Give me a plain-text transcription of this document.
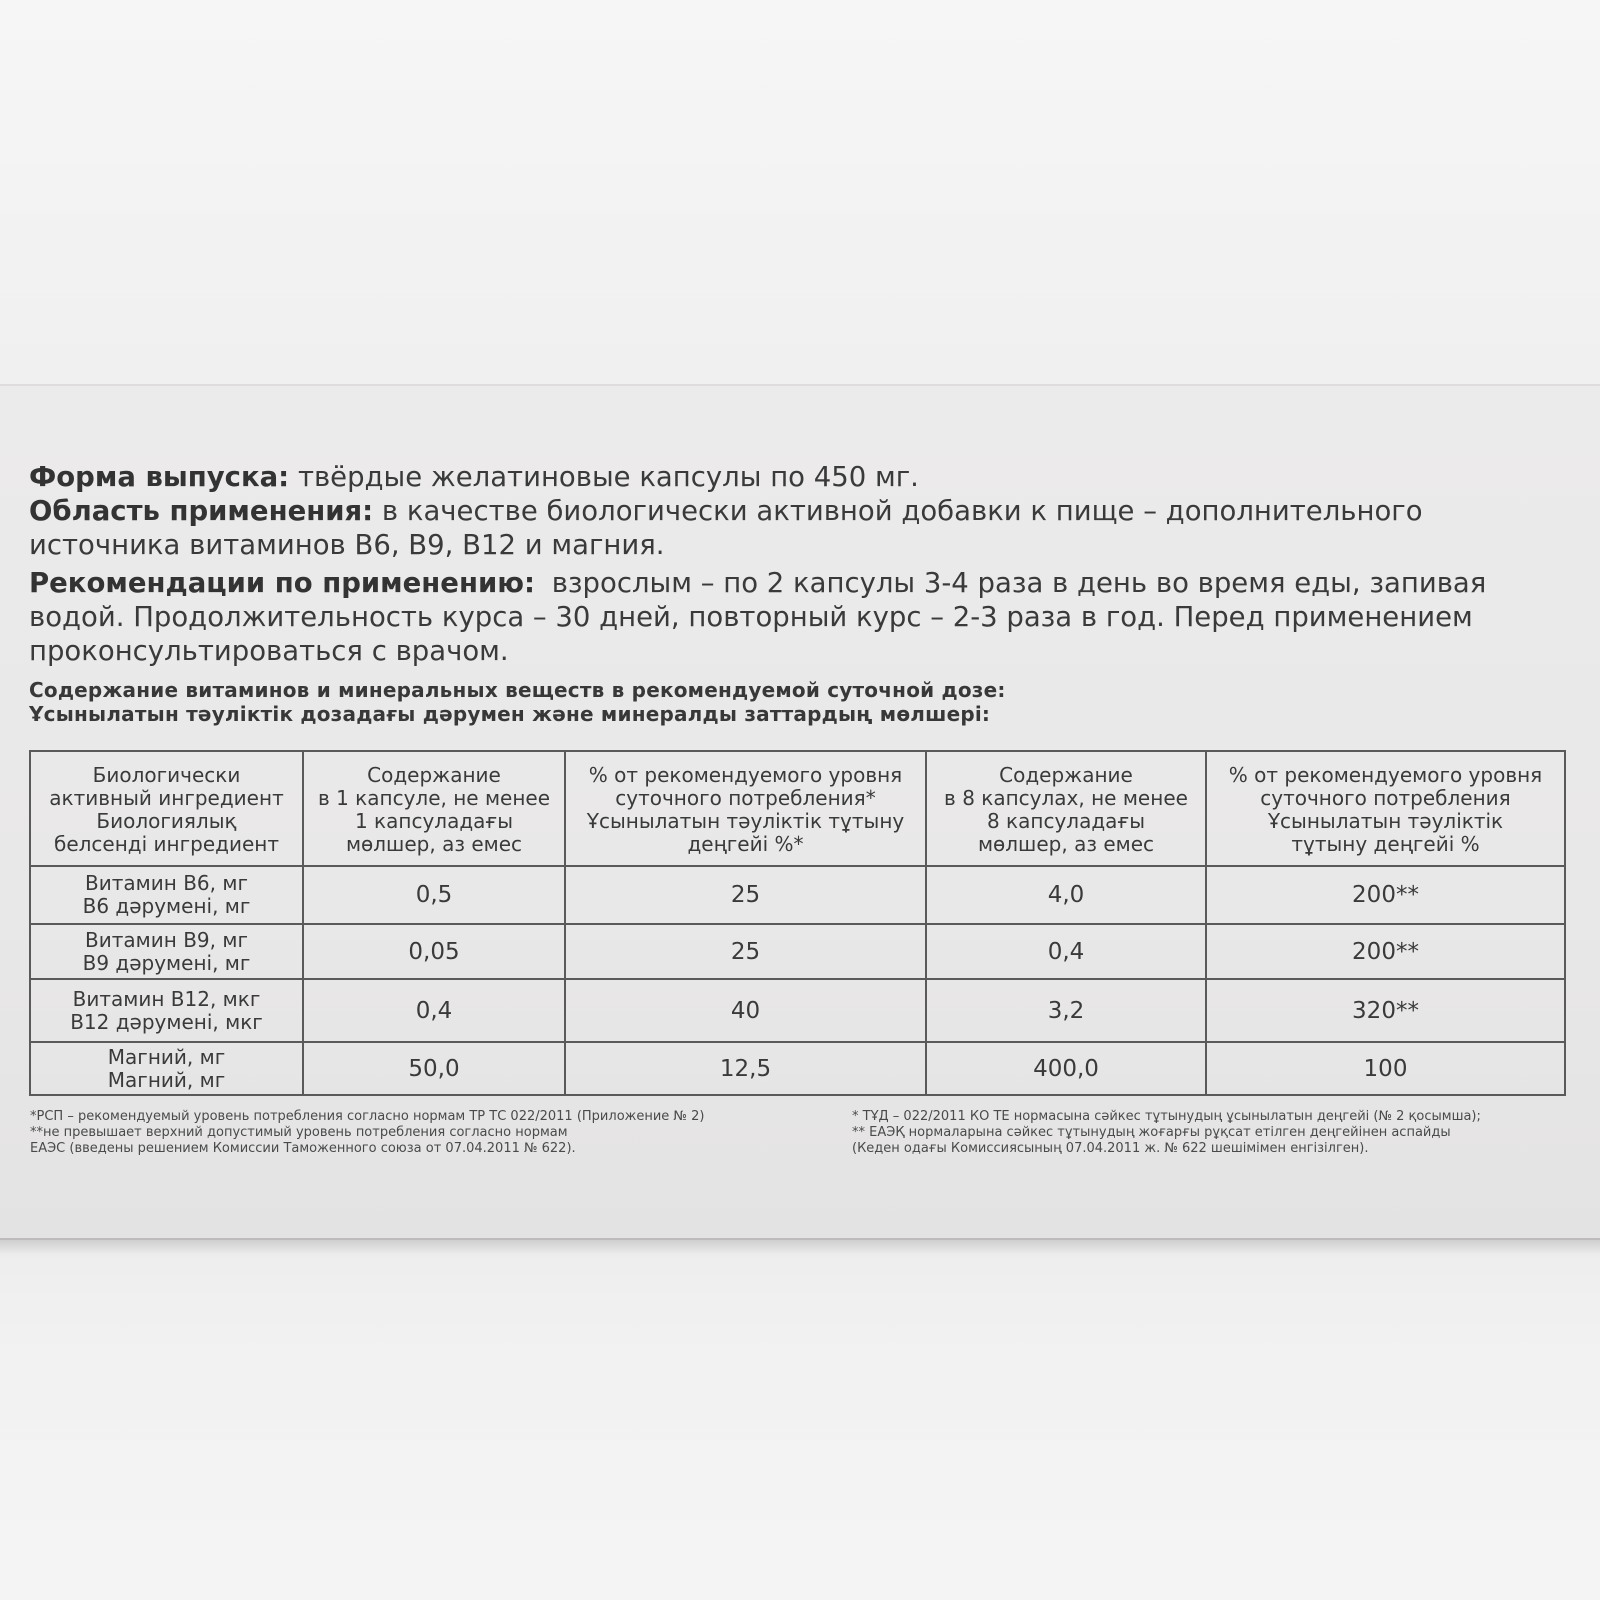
Форма выпуска: твёрдые желатиновые капсулы по 450 мг.

Область применения: в качестве биологически активной добавки к пище – дополнительного
источника витаминов В6, В9, В12 и магния.

Рекомендации по применению: взрослым – по 2 капсулы 3-4 раза в день во время еды, запивая
водой. Продолжительность курса – 30 дней, повторный курс – 2-3 раза в год. Перед применением
проконсультироваться с врачом.

Содержание витаминов и минеральных веществ в рекомендуемой суточной дозе:

Ұсынылатын тәуліктік дозадағы дәрумен және минералды заттардың мөлшері:

Биологически
активный ингредиент
Биологиялық
белсенді ингредиент	Содержание
в 1 капсуле, не менее
1 капсуладағы
мөлшер, аз емес	% от рекомендуемого уровня
суточного потребления*
Ұсынылатын тәуліктік тұтыну
деңгейі %*	Содержание
в 8 капсулах, не менее
8 капсуладағы
мөлшер, аз емес	% от рекомендуемого уровня
суточного потребления
Ұсынылатын тәуліктік
тұтыну деңгейі %

Витамин В6, мг
В6 дәрумені, мг	0,5	25	4,0	200**

Витамин В9, мг
В9 дәрумені, мг	0,05	25	0,4	200**

Витамин В12, мкг
В12 дәрумені, мкг	0,4	40	3,2	320**

Магний, мг
Магний, мг	50,0	12,5	400,0	100

*РСП – рекомендуемый уровень потребления согласно нормам ТР ТС 022/2011 (Приложение № 2)
**не превышает верхний допустимый уровень потребления согласно нормам
ЕАЭС (введены решением Комиссии Таможенного союза от 07.04.2011 № 622).

* ТҰД – 022/2011 КО ТЕ нормасына сәйкес тұтынудың ұсынылатын деңгейі (№ 2 қосымша);
** ЕАЭҚ нормаларына сәйкес тұтынудың жоғарғы рұқсат етілген деңгейінен аспайды
(Кеден одағы Комиссиясының 07.04.2011 ж. № 622 шешімімен енгізілген).
